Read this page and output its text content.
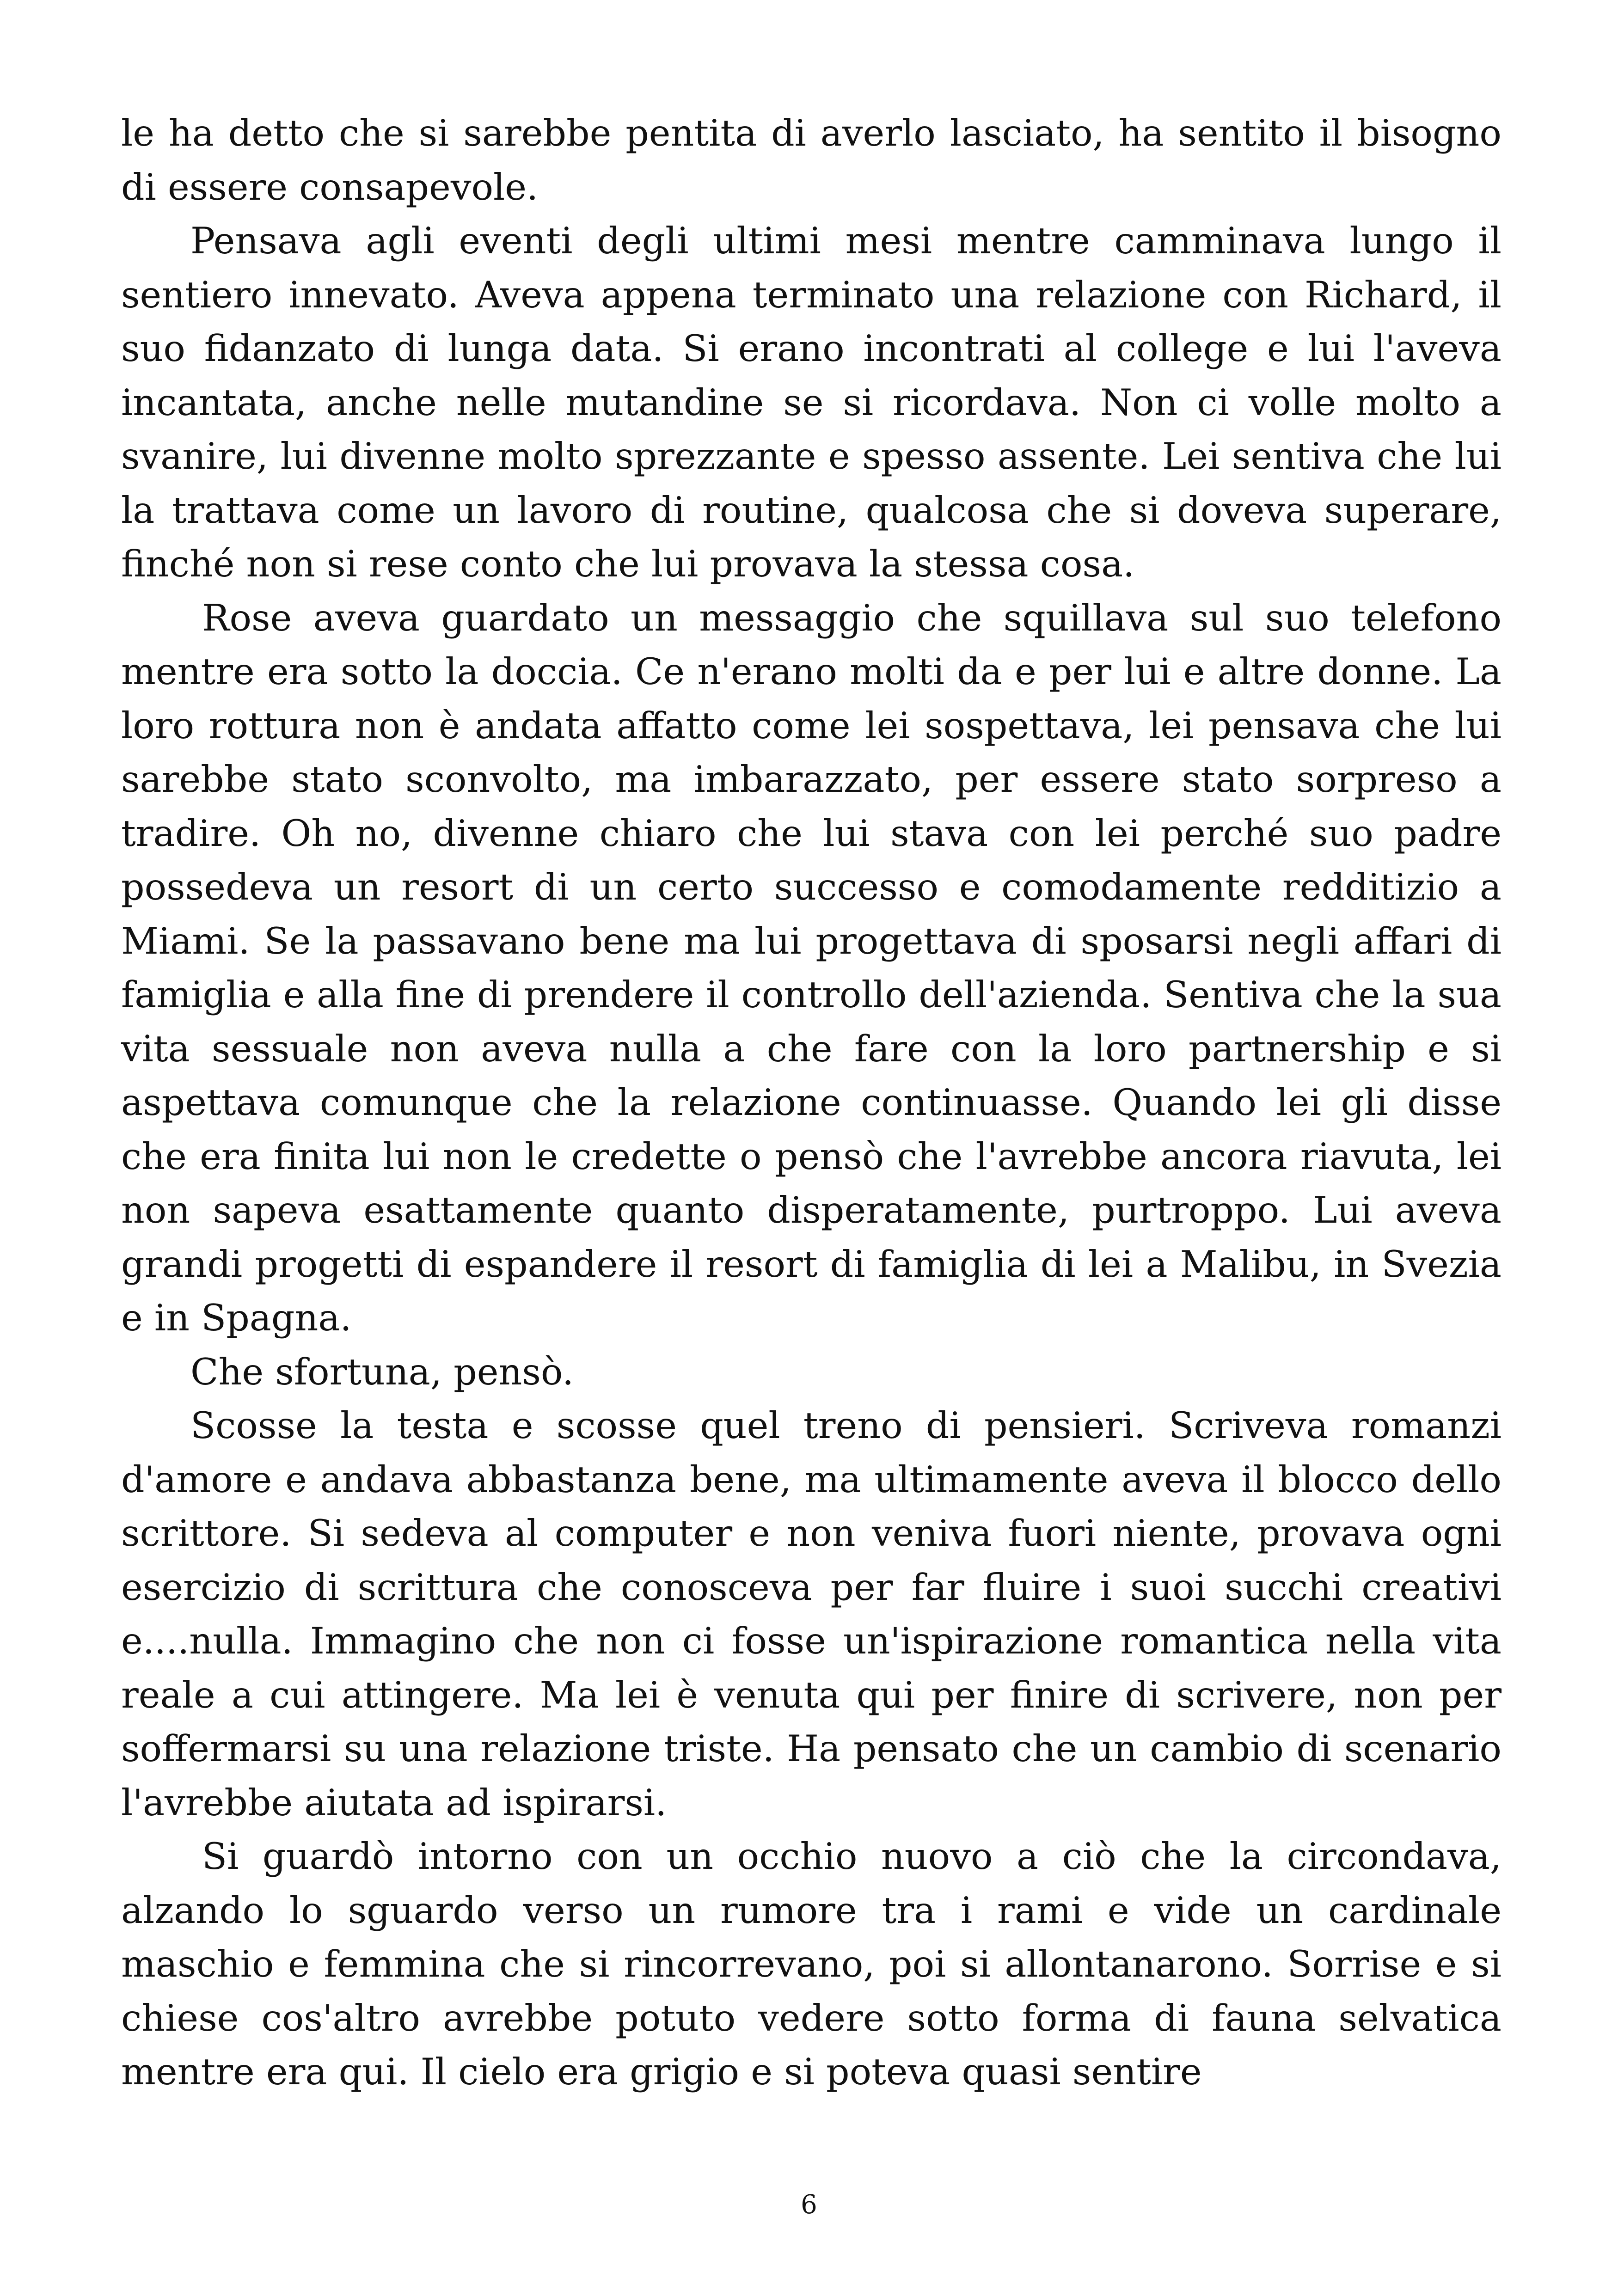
le ha detto che si sarebbe pentita di averlo lasciato, ha sentito il bisogno di essere consapevole.

Pensava agli eventi degli ultimi mesi mentre camminava lungo il sentiero innevato. Aveva appena terminato una relazione con Richard, il suo fidanzato di lunga data. Si erano incontrati al college e lui l'aveva incantata, anche nelle mutandine se si ricordava. Non ci volle molto a svanire, lui divenne molto sprezzante e spesso assente. Lei sentiva che lui la trattava come un lavoro di routine, qualcosa che si doveva superare, finché non si rese conto che lui provava la stessa cosa.

Rose aveva guardato un messaggio che squillava sul suo telefono mentre era sotto la doccia. Ce n'erano molti da e per lui e altre donne. La loro rottura non è andata affatto come lei sospettava, lei pensava che lui sarebbe stato sconvolto, ma imbarazzato, per essere stato sorpreso a tradire. Oh no, divenne chiaro che lui stava con lei perché suo padre possedeva un resort di un certo successo e comodamente redditizio a Miami. Se la passavano bene ma lui progettava di sposarsi negli affari di famiglia e alla fine di prendere il controllo dell'azienda. Sentiva che la sua vita sessuale non aveva nulla a che fare con la loro partnership e si aspettava comunque che la relazione continuasse. Quando lei gli disse che era finita lui non le credette o pensò che l'avrebbe ancora riavuta, lei non sapeva esattamente quanto disperatamente, purtroppo. Lui aveva grandi progetti di espandere il resort di famiglia di lei a Malibu, in Svezia e in Spagna.

Che sfortuna, pensò.

Scosse la testa e scosse quel treno di pensieri. Scriveva romanzi d'amore e andava abbastanza bene, ma ultimamente aveva il blocco dello scrittore. Si sedeva al computer e non veniva fuori niente, provava ogni esercizio di scrittura che conosceva per far fluire i suoi succhi creativi e....nulla. Immagino che non ci fosse un'ispirazione romantica nella vita reale a cui attingere. Ma lei è venuta qui per finire di scrivere, non per soffermarsi su una relazione triste. Ha pensato che un cambio di scenario l'avrebbe aiutata ad ispirarsi.

Si guardò intorno con un occhio nuovo a ciò che la circondava, alzando lo sguardo verso un rumore tra i rami e vide un cardinale maschio e femmina che si rincorrevano, poi si allontanarono. Sorrise e si chiese cos'altro avrebbe potuto vedere sotto forma di fauna selvatica mentre era qui. Il cielo era grigio e si poteva quasi sentire

6
